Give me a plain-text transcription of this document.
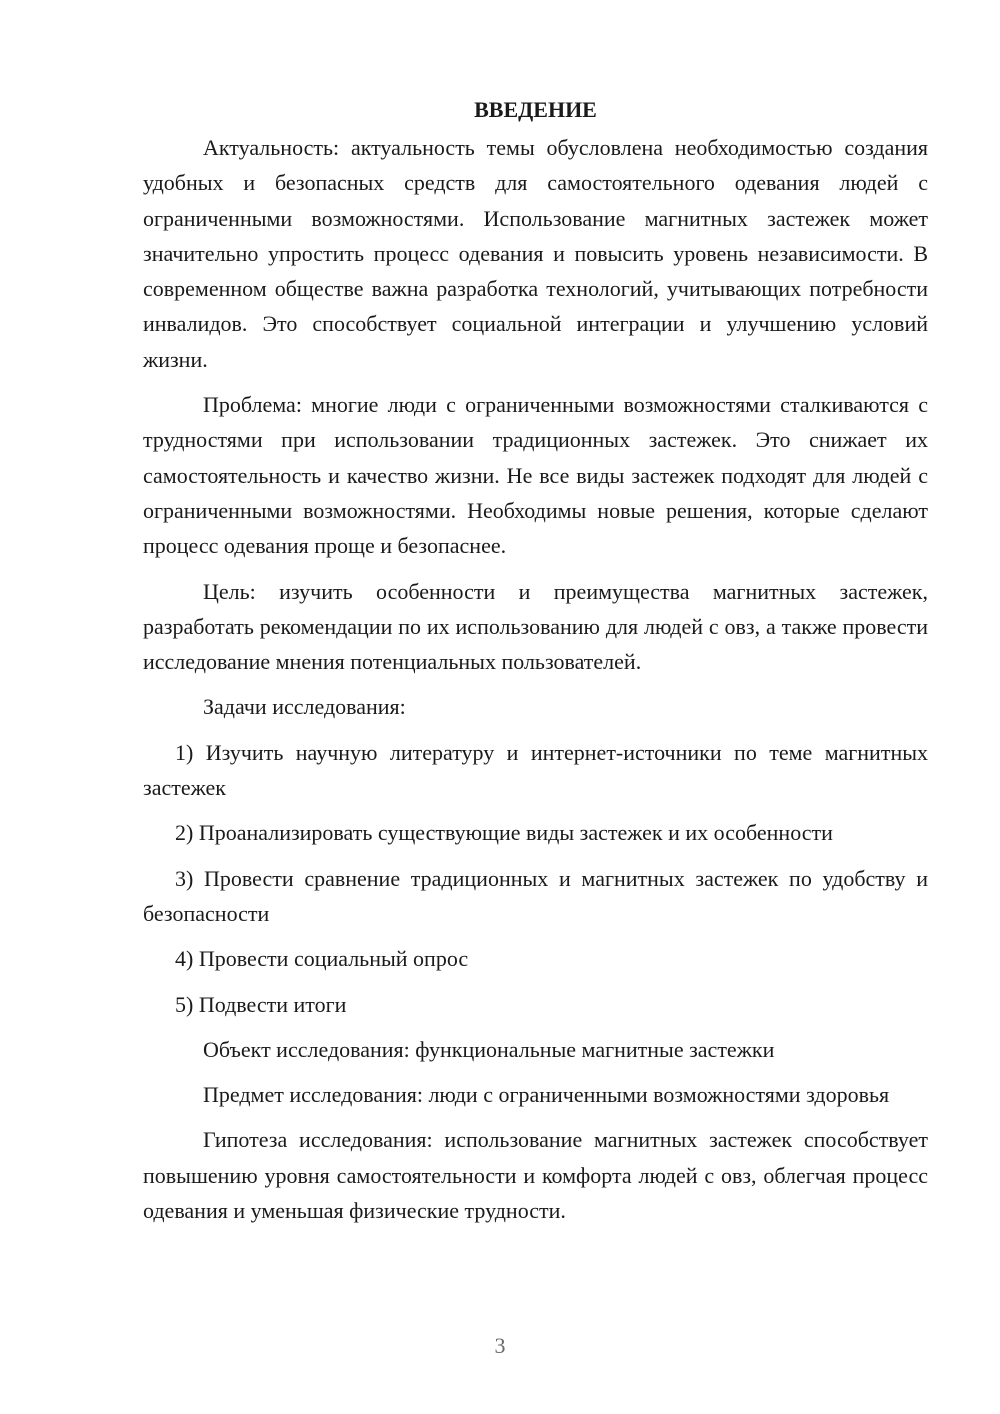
ВВЕДЕНИЕ

Актуальность: актуальность темы обусловлена необходимостью создания удобных и безопасных средств для самостоятельного одевания людей с ограниченными возможностями. Использование магнитных застежек может значительно упростить процесс одевания и повысить уровень независимости. В современном обществе важна разработка технологий, учитывающих потребности инвалидов. Это способствует социальной интеграции и улучшению условий жизни.

Проблема: многие люди с ограниченными возможностями сталкиваются с трудностями при использовании традиционных застежек. Это снижает их самостоятельность и качество жизни. Не все виды застежек подходят для людей с ограниченными возможностями. Необходимы новые решения, которые сделают процесс одевания проще и безопаснее.

Цель: изучить особенности и преимущества магнитных застежек, разработать рекомендации по их использованию для людей с овз, а также провести исследование мнения потенциальных пользователей.

Задачи исследования:

1) Изучить научную литературу и интернет-источники по теме магнитных застежек

2) Проанализировать существующие виды застежек и их особенности

3) Провести сравнение традиционных и магнитных застежек по удобству и безопасности

4) Провести социальный опрос

5) Подвести итоги

Объект исследования: функциональные магнитные застежки

Предмет исследования: люди с ограниченными возможностями здоровья

Гипотеза исследования: использование магнитных застежек способствует повышению уровня самостоятельности и комфорта людей с овз, облегчая процесс одевания и уменьшая физические трудности.

3
